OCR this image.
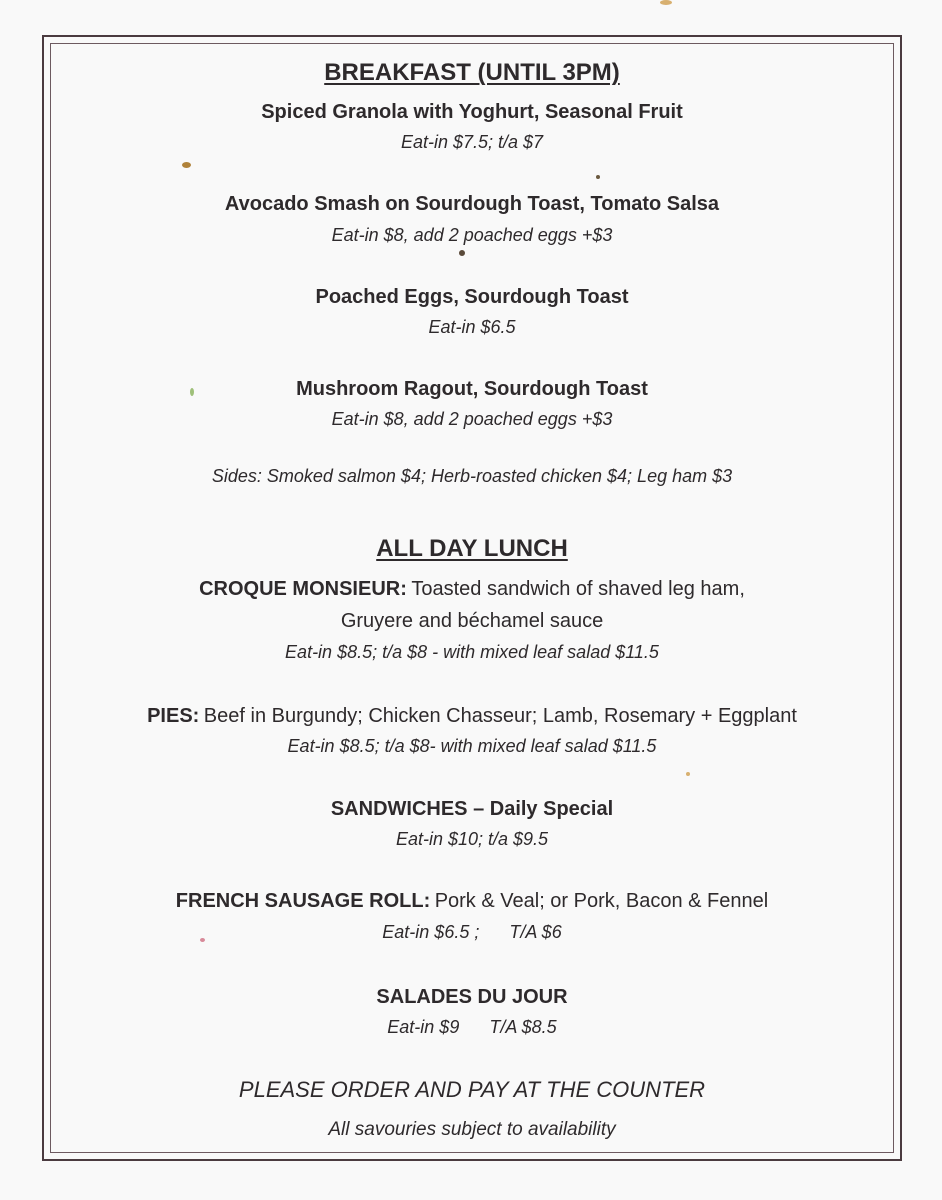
BREAKFAST (UNTIL 3PM)
Spiced Granola with Yoghurt, Seasonal Fruit
Eat-in $7.5; t/a $7
Avocado Smash on Sourdough Toast, Tomato Salsa
Eat-in $8, add 2 poached eggs +$3
Poached Eggs, Sourdough Toast
Eat-in $6.5
Mushroom Ragout, Sourdough Toast
Eat-in $8, add 2 poached eggs +$3
Sides: Smoked salmon $4; Herb-roasted chicken $4; Leg ham $3
ALL DAY LUNCH
CROQUE MONSIEUR: Toasted sandwich of shaved leg ham,
Gruyere and béchamel sauce
Eat-in $8.5; t/a $8 - with mixed leaf salad $11.5
PIES: Beef in Burgundy; Chicken Chasseur; Lamb, Rosemary + Eggplant
Eat-in $8.5; t/a $8- with mixed leaf salad $11.5
SANDWICHES – Daily Special
Eat-in $10; t/a $9.5
FRENCH SAUSAGE ROLL: Pork & Veal; or Pork, Bacon & Fennel
Eat-in $6.5 ; T/A $6
SALADES DU JOUR
Eat-in $9 T/A $8.5
PLEASE ORDER AND PAY AT THE COUNTER
All savouries subject to availability
